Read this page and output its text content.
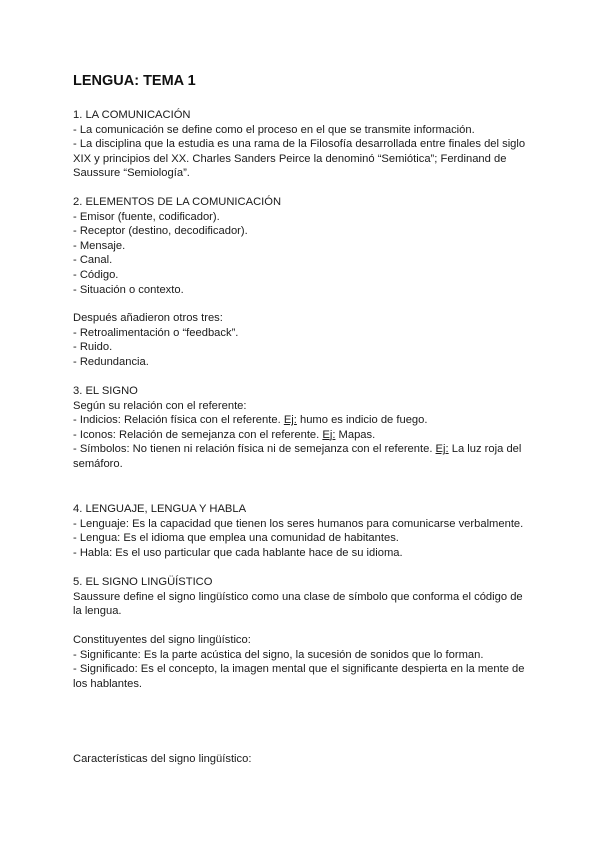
LENGUA: TEMA 1
1. LA COMUNICACIÓN
- La comunicación se define como el proceso en el que se transmite información.
- La disciplina que la estudia es una rama de la Filosofía desarrollada entre finales del siglo
XIX y principios del XX. Charles Sanders Peirce la denominó “Semiótica”; Ferdinand de
Saussure “Semiología”.
2. ELEMENTOS DE LA COMUNICACIÓN
- Emisor (fuente, codificador).
- Receptor (destino, decodificador).
- Mensaje.
- Canal.
- Código.
- Situación o contexto.
Después añadieron otros tres:
- Retroalimentación o “feedback”.
- Ruido.
- Redundancia.
3. EL SIGNO
Según su relación con el referente:
- Indicios: Relación física con el referente. Ej: humo es indicio de fuego.
- Iconos: Relación de semejanza con el referente. Ej: Mapas.
- Símbolos: No tienen ni relación física ni de semejanza con el referente. Ej: La luz roja del
semáforo.
4. LENGUAJE, LENGUA Y HABLA
- Lenguaje: Es la capacidad que tienen los seres humanos para comunicarse verbalmente.
- Lengua: Es el idioma que emplea una comunidad de habitantes.
- Habla: Es el uso particular que cada hablante hace de su idioma.
5. EL SIGNO LINGÜÍSTICO
Saussure define el signo lingüístico como una clase de símbolo que conforma el código de
la lengua.
Constituyentes del signo lingüístico:
- Significante: Es la parte acústica del signo, la sucesión de sonidos que lo forman.
- Significado: Es el concepto, la imagen mental que el significante despierta en la mente de
los hablantes.
Características del signo lingüístico:
